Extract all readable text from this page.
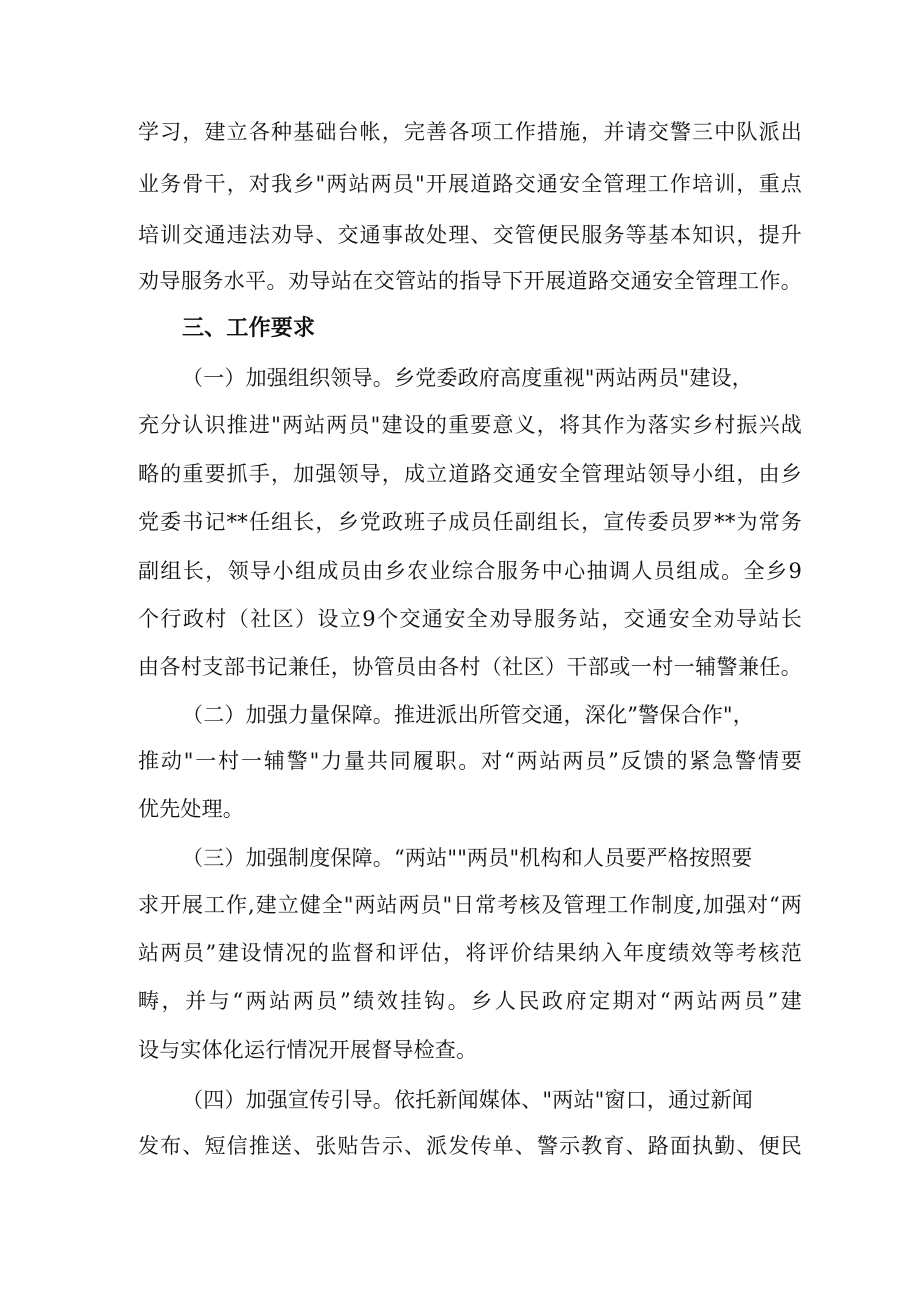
学习，建立各种基础台帐，完善各项工作措施，并请交警三中队派出
业务骨干，对我乡"两站两员"开展道路交通安全管理工作培训，重点
培训交通违法劝导、交通事故处理、交管便民服务等基本知识，提升
劝导服务水平。劝导站在交管站的指导下开展道路交通安全管理工作。
三、工作要求
（一）加强组织领导。乡党委政府高度重视"两站两员"建设，
充分认识推进"两站两员"建设的重要意义，将其作为落实乡村振兴战
略的重要抓手，加强领导，成立道路交通安全管理站领导小组，由乡
党委书记**任组长，乡党政班子成员任副组长，宣传委员罗**为常务
副组长，领导小组成员由乡农业综合服务中心抽调人员组成。全乡9
个行政村（社区）设立9个交通安全劝导服务站，交通安全劝导站长
由各村支部书记兼任，协管员由各村（社区）干部或一村一辅警兼任。
（二）加强力量保障。推进派出所管交通，深化”警保合作"，
推动"一村一辅警"力量共同履职。对“两站两员”反馈的紧急警情要
优先处理。
（三）加强制度保障。“两站""两员"机构和人员要严格按照要
求开展工作,建立健全"两站两员"日常考核及管理工作制度,加强对“两
站两员”建设情况的监督和评估，将评价结果纳入年度绩效等考核范
畴，并与“两站两员”绩效挂钩。乡人民政府定期对“两站两员”建
设与实体化运行情况开展督导检查。
（四）加强宣传引导。依托新闻媒体、"两站"窗口，通过新闻
发布、短信推送、张贴告示、派发传单、警示教育、路面执勤、便民
